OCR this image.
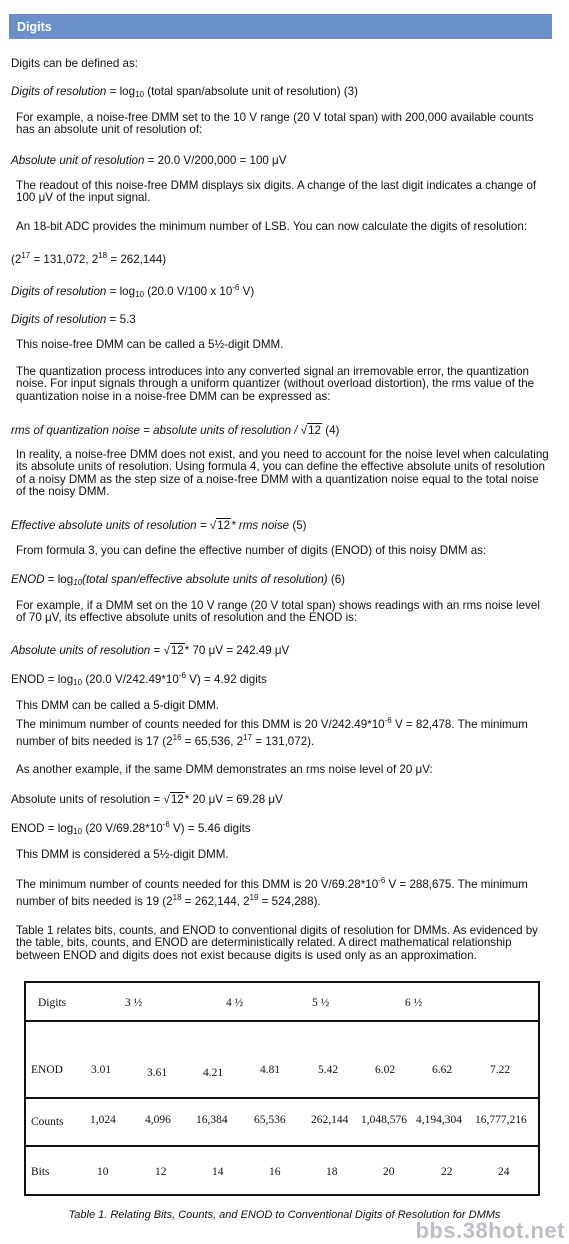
Digits

Digits can be defined as:

Digits of resolution = $\log_{10}$ (total span/absolute unit of resolution) (3)

For example, a noise-free DMM set to the 10 V range (20 V total span) with 200,000 available counts has an absolute unit of resolution of:

Absolute unit of resolution = 20.0 V/200,000 = 100 μV

The readout of this noise-free DMM displays six digits. A change of the last digit indicates a change of 100 μV of the input signal.

An 18-bit ADC provides the minimum number of LSB. You can now calculate the digits of resolution:

($2^{17} = 131,072$, $2^{18} = 262,144$)

Digits of resolution = $\log_{10} (20.0$ V/100 x $10^{-6}$ V)

Digits of resolution = 5.3

This noise-free DMM can be called a 5½-digit DMM.

The quantization process introduces into any converted signal an irremovable error, the quantization noise. For input signals through a uniform quantizer (without overload distortion), the rms value of the quantization noise in a noise-free DMM can be expressed as:

rms of quantization noise = absolute units of resolution / √12 (4)

In reality, a noise-free DMM does not exist, and you need to account for the noise level when calculating its absolute units of resolution. Using formula 4, you can define the effective absolute units of resolution of a noisy DMM as the step size of a noise-free DMM with a quantization noise equal to the total noise of the noisy DMM.

Effective absolute units of resolution = √12* rms noise (5)

From formula 3, you can define the effective number of digits (ENOD) of this noisy DMM as:

ENOD = $\log_{10}(total$ span/effective absolute units of resolution) (6)

For example, if a DMM set on the 10 V range (20 V total span) shows readings with an rms noise level of 70 μV, its effective absolute units of resolution and the ENOD is:

Absolute units of resolution = √12* 70 μV = 242.49 μV

ENOD = $\log_{10} (20.0$ $V/242.49*10^{-6}$ V) = 4.92 digits

This DMM can be called a 5-digit DMM.

The minimum number of counts needed for this DMM is 20 $V/242.49*10^{-6}$ V = 82,478. The minimum number of bits needed is 17 ($2^{16} = 65,536$, $2^{17} = 131,072$).

As another example, if the same DMM demonstrates an rms noise level of 20 μV:

Absolute units of resolution = √12* 20 μV = 69.28 μV

ENOD = $\log_{10} (20$ $V/69.28*10^{-6}$ V) = 5.46 digits

This DMM is considered a 5½-digit DMM.

The minimum number of counts needed for this DMM is 20 $V/69.28*10^{-6}$ V = 288,675. The minimum number of bits needed is 19 ($2^{18} = 262,144$, $2^{19} = 524,288$).

Table 1 relates bits, counts, and ENOD to conventional digits of resolution for DMMs. As evidenced by the table, bits, counts, and ENOD are deterministically related. A direct mathematical relationship between ENOD and digits does not exist because digits is used only as an approximation.

Digits	3 ½	4 ½	5 ½	6 ½
ENOD 3.01	3.61	4.21	4.81	5.42	6.02	6.62	7.22
Counts 1,024	4,096 16,384 65,536 262,144 1,048,576 4,194,304 16,777,216
Bits	10	12	14	16	18	20	22	24
Table 1. Relating Bits, Counts, and ENOD to Conventional Digits of Resolution for DMMs
bbs.38hot.net
